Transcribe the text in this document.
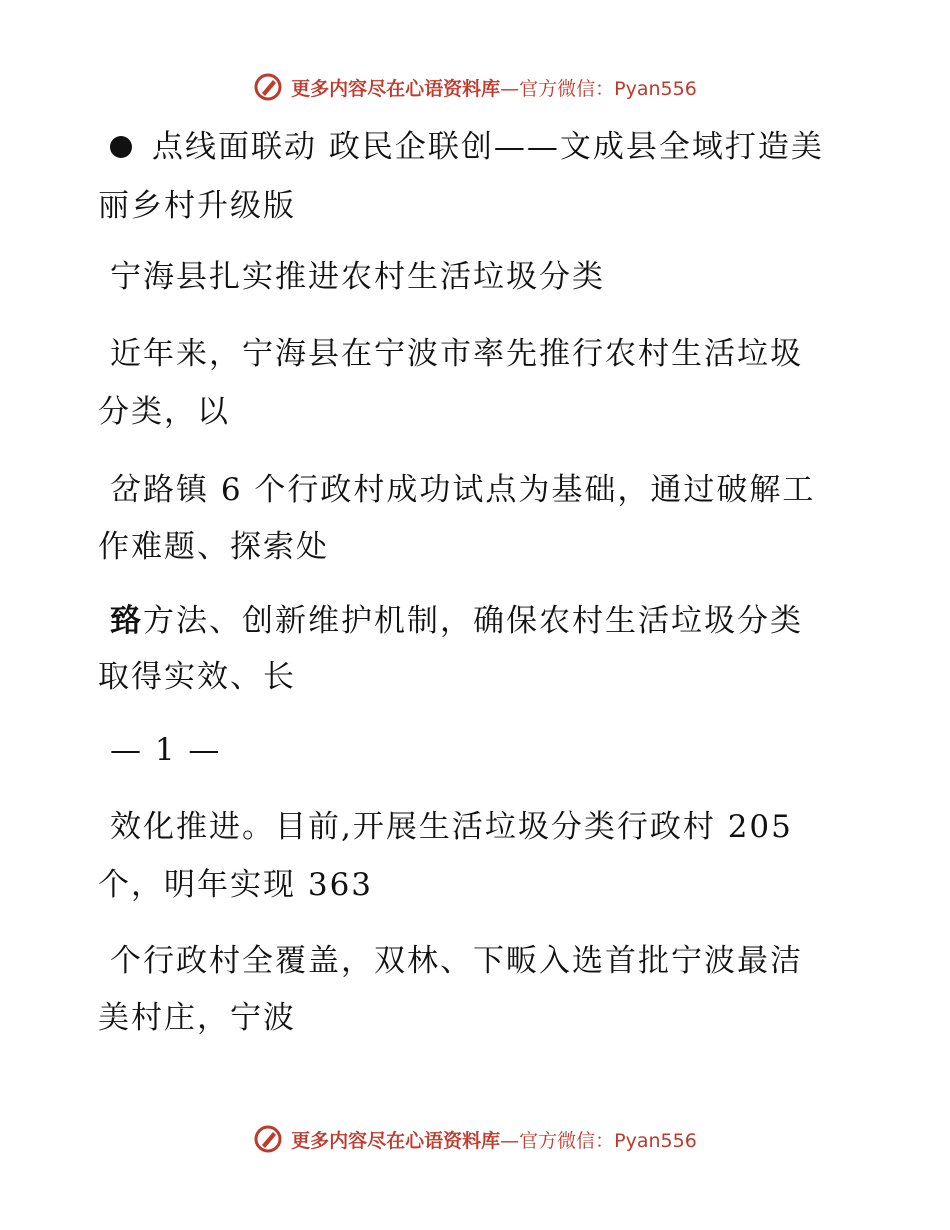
更多内容尽在心语资料库 —官方微信：Pyan556
点线面联动 政民企联创——文成县全域打造美
丽乡村升级版
宁海县扎实推进农村生活垃圾分类
近年来，宁海县在宁波市率先推行农村生活垃圾
分类，以
岔路镇 6 个行政村成功试点为基础，通过破解工
作难题、探索处
臵方法、创新维护机制，确保农村生活垃圾分类
取得实效、长
— 1 —
效化推进。目前,开展生活垃圾分类行政村 205
个，明年实现 363
个行政村全覆盖，双林、下畈入选首批宁波最洁
美村庄，宁波
更多内容尽在心语资料库 —官方微信：Pyan556
